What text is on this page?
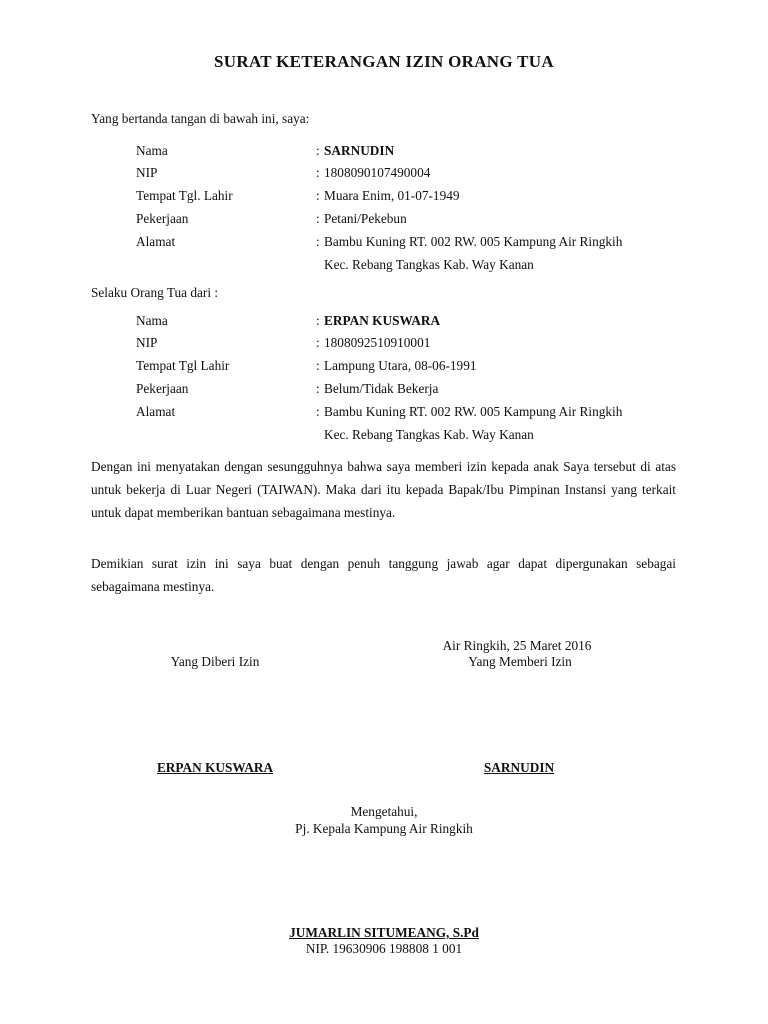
SURAT KETERANGAN IZIN ORANG TUA
Yang bertanda tangan di bawah ini, saya:
Nama	: SARNUDIN
NIP	: 1808090107490004
Tempat Tgl. Lahir	: Muara Enim, 01-07-1949
Pekerjaan	: Petani/Pekebun
Alamat	: Bambu Kuning RT. 002 RW. 005 Kampung Air Ringkih
Kec. Rebang Tangkas Kab. Way Kanan
Selaku Orang Tua dari :
Nama	: ERPAN KUSWARA
NIP	: 1808092510910001
Tempat Tgl Lahir	: Lampung Utara, 08-06-1991
Pekerjaan	: Belum/Tidak Bekerja
Alamat	: Bambu Kuning RT. 002 RW. 005 Kampung Air Ringkih
Kec. Rebang Tangkas Kab. Way Kanan
Dengan ini menyatakan dengan sesungguhnya bahwa saya memberi izin kepada anak Saya tersebut di atas untuk bekerja di Luar Negeri (TAIWAN). Maka dari itu kepada Bapak/Ibu Pimpinan Instansi yang terkait untuk dapat memberikan bantuan sebagaimana mestinya.
Demikian surat izin ini saya buat dengan penuh tanggung jawab agar dapat dipergunakan sebagai sebagaimana mestinya.
Air Ringkih, 25 Maret 2016
Yang Diberi Izin	Yang Memberi Izin
ERPAN KUSWARA	SARNUDIN
Mengetahui,
Pj. Kepala Kampung Air Ringkih
JUMARLIN SITUMEANG, S.Pd
NIP. 19630906 198808 1 001
